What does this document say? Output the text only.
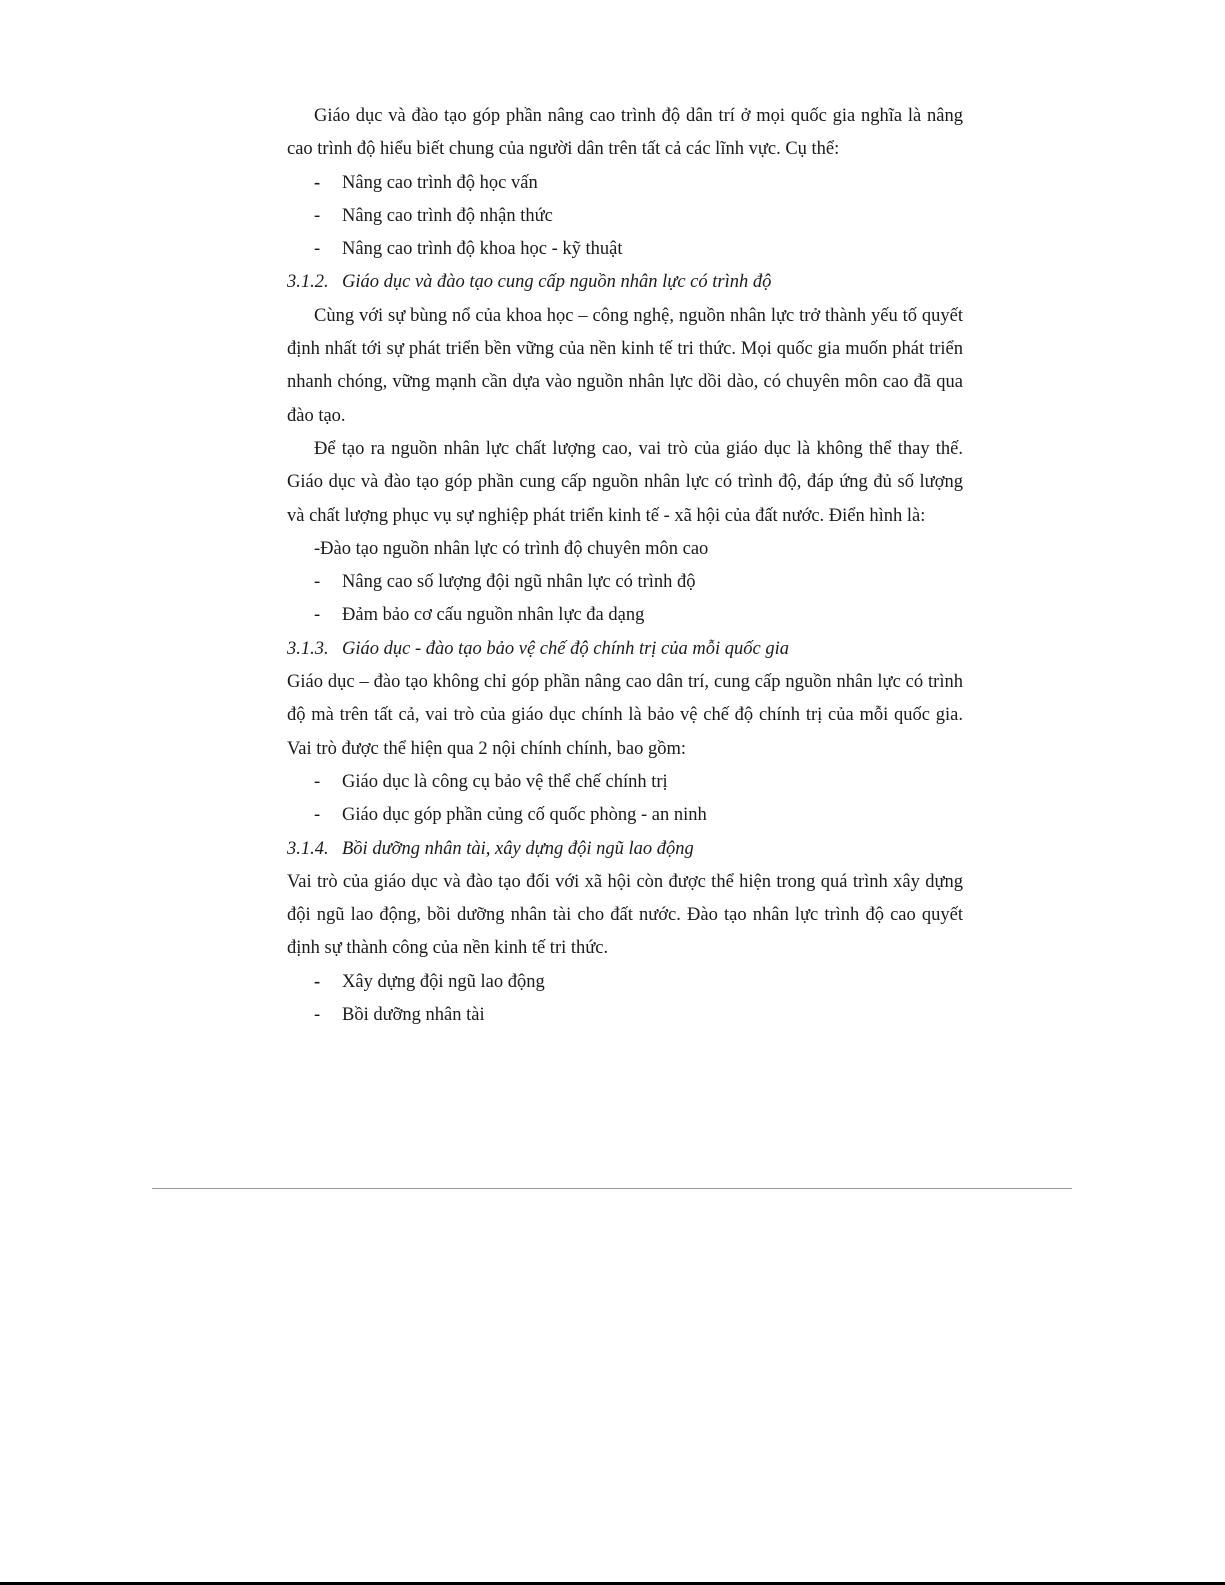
Giáo dục và đào tạo góp phần nâng cao trình độ dân trí ở mọi quốc gia nghĩa là nâng cao trình độ hiểu biết chung của người dân trên tất cả các lĩnh vực. Cụ thể:

- Nâng cao trình độ học vấn
- Nâng cao trình độ nhận thức
- Nâng cao trình độ khoa học - kỹ thuật

3.1.2. Giáo dục và đào tạo cung cấp nguồn nhân lực có trình độ

Cùng với sự bùng nổ của khoa học – công nghệ, nguồn nhân lực trở thành yếu tố quyết định nhất tới sự phát triển bền vững của nền kinh tế tri thức. Mọi quốc gia muốn phát triển nhanh chóng, vững mạnh cần dựa vào nguồn nhân lực dồi dào, có chuyên môn cao đã qua đào tạo.

Để tạo ra nguồn nhân lực chất lượng cao, vai trò của giáo dục là không thể thay thế. Giáo dục và đào tạo góp phần cung cấp nguồn nhân lực có trình độ, đáp ứng đủ số lượng và chất lượng phục vụ sự nghiệp phát triển kinh tế - xã hội của đất nước. Điển hình là:

-Đào tạo nguồn nhân lực có trình độ chuyên môn cao

- Nâng cao số lượng đội ngũ nhân lực có trình độ
- Đảm bảo cơ cấu nguồn nhân lực đa dạng

3.1.3. Giáo dục - đào tạo bảo vệ chế độ chính trị của mỗi quốc gia

Giáo dục – đào tạo không chỉ góp phần nâng cao dân trí, cung cấp nguồn nhân lực có trình độ mà trên tất cả, vai trò của giáo dục chính là bảo vệ chế độ chính trị của mỗi quốc gia. Vai trò được thể hiện qua 2 nội chính chính, bao gồm:

- Giáo dục là công cụ bảo vệ thể chế chính trị
- Giáo dục góp phần củng cố quốc phòng - an ninh

3.1.4. Bồi dưỡng nhân tài, xây dựng đội ngũ lao động

Vai trò của giáo dục và đào tạo đối với xã hội còn được thể hiện trong quá trình xây dựng đội ngũ lao động, bồi dưỡng nhân tài cho đất nước. Đào tạo nhân lực trình độ cao quyết định sự thành công của nền kinh tế tri thức.

- Xây dựng đội ngũ lao động
- Bồi dưỡng nhân tài
